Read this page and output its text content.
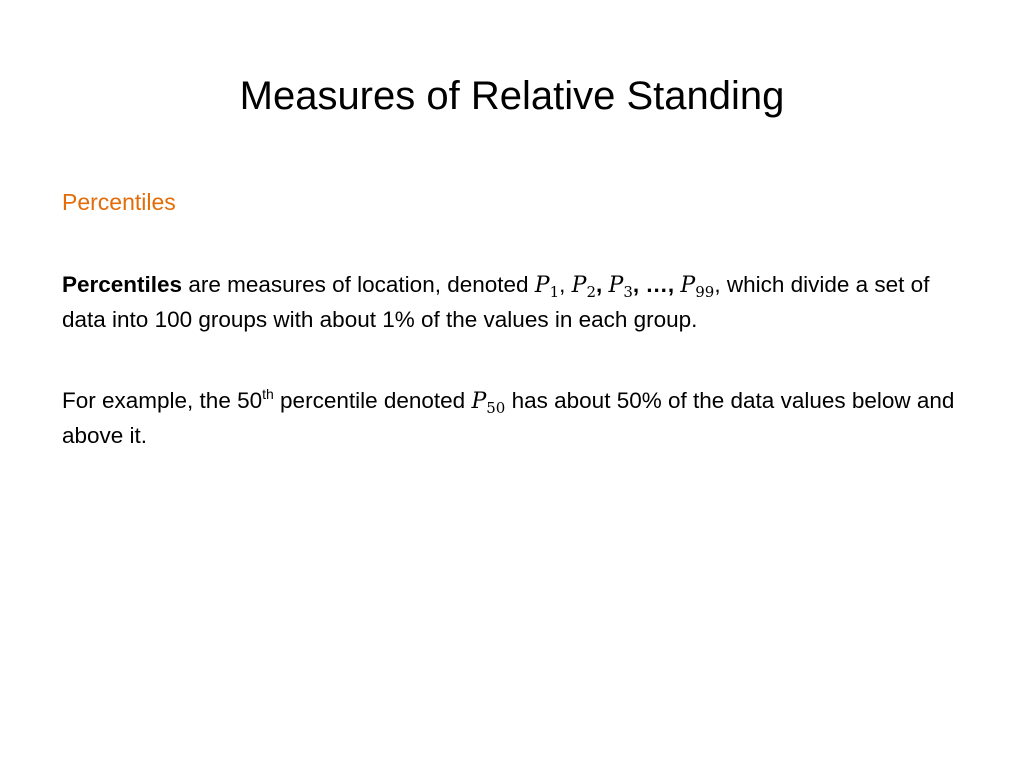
Measures of Relative Standing
Percentiles
Percentiles are measures of location, denoted $P_1$, $P_2$, $P_3$, …, $P_{99}$, which divide a set of data into 100 groups with about 1% of the values in each group.
For example, the 50th percentile denoted $P_{50}$ has about 50% of the data values below and above it.
